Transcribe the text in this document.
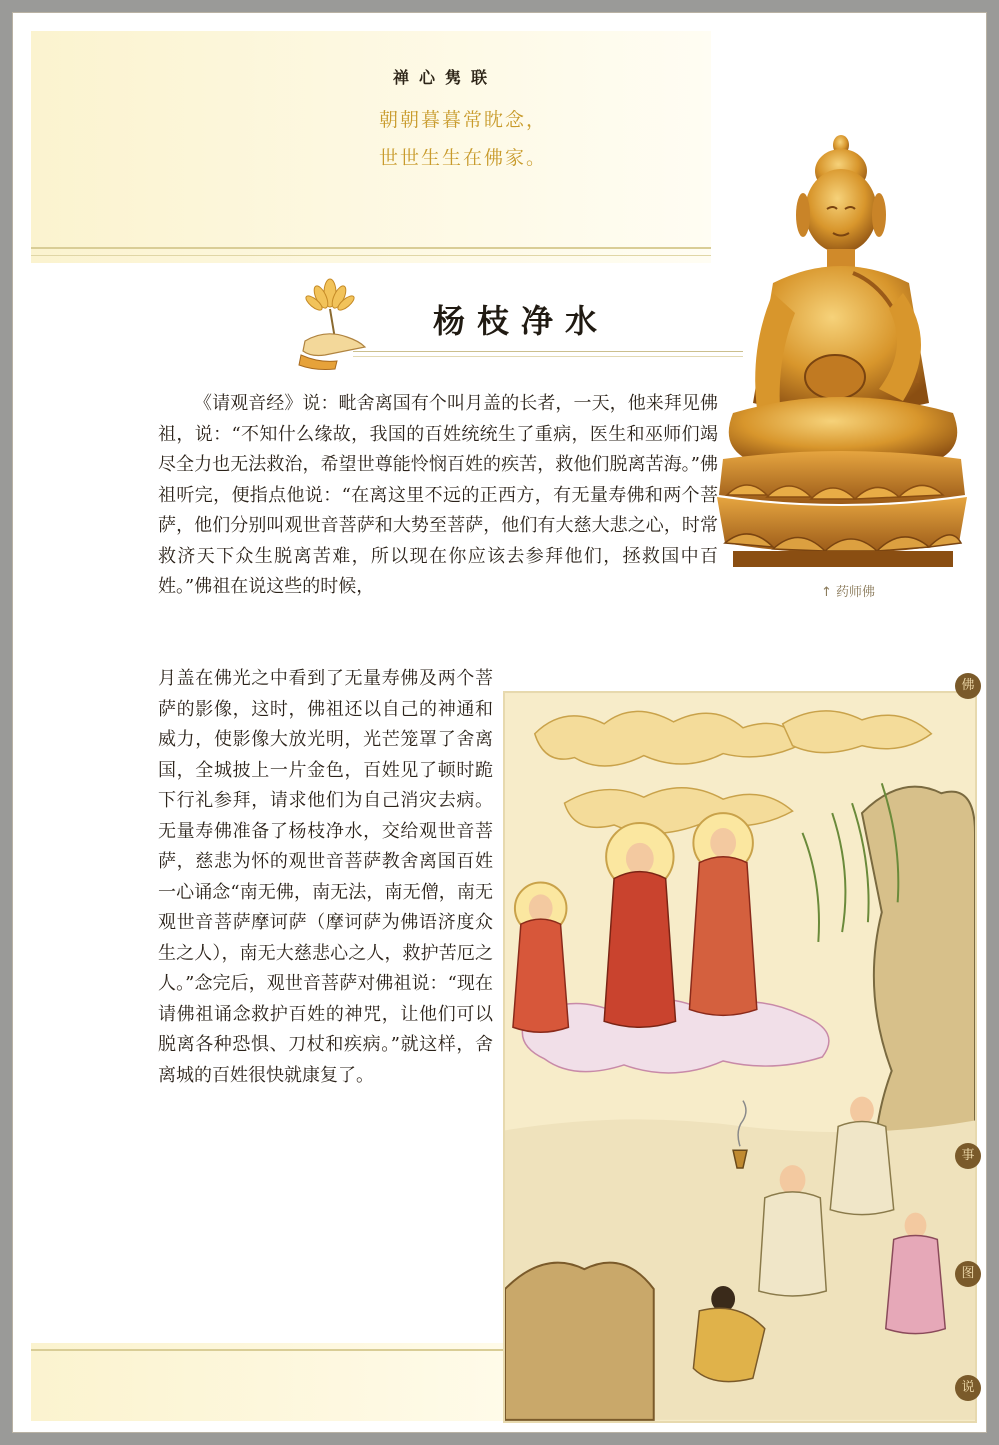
禅心隽联
朝朝暮暮常眈念，
世世生生在佛家。
杨枝净水
↑ 药师佛

《请观音经》说：毗舍离国有个叫月盖的长者，一天，他来拜见佛祖，说：“不知什么缘故，我国的百姓统统生了重病，医生和巫师们竭尽全力也无法救治，希望世尊能怜悯百姓的疾苦，救他们脱离苦海。”佛祖听完，便指点他说：“在离这里不远的正西方，有无量寿佛和两个菩萨，他们分别叫观世音菩萨和大势至菩萨，他们有大慈大悲之心，时常救济天下众生脱离苦难，所以现在你应该去参拜他们，拯救国中百姓。”佛祖在说这些的时候，

月盖在佛光之中看到了无量寿佛及两个菩萨的影像，这时，佛祖还以自己的神通和威力，使影像大放光明，光芒笼罩了舍离国，全城披上一片金色，百姓见了顿时跪下行礼参拜，请求他们为自己消灾去病。无量寿佛准备了杨枝净水，交给观世音菩萨，慈悲为怀的观世音菩萨教舍离国百姓一心诵念“南无佛，南无法，南无僧，南无观世音菩萨摩诃萨（摩诃萨为佛语济度众生之人），南无大慈悲心之人，救护苦厄之人。”念完后，观世音菩萨对佛祖说：“现在请佛祖诵念救护百姓的神咒，让他们可以脱离各种恐惧、刀杖和疾病。”就这样，舍离城的百姓很快就康复了。

佛
事
图
说
